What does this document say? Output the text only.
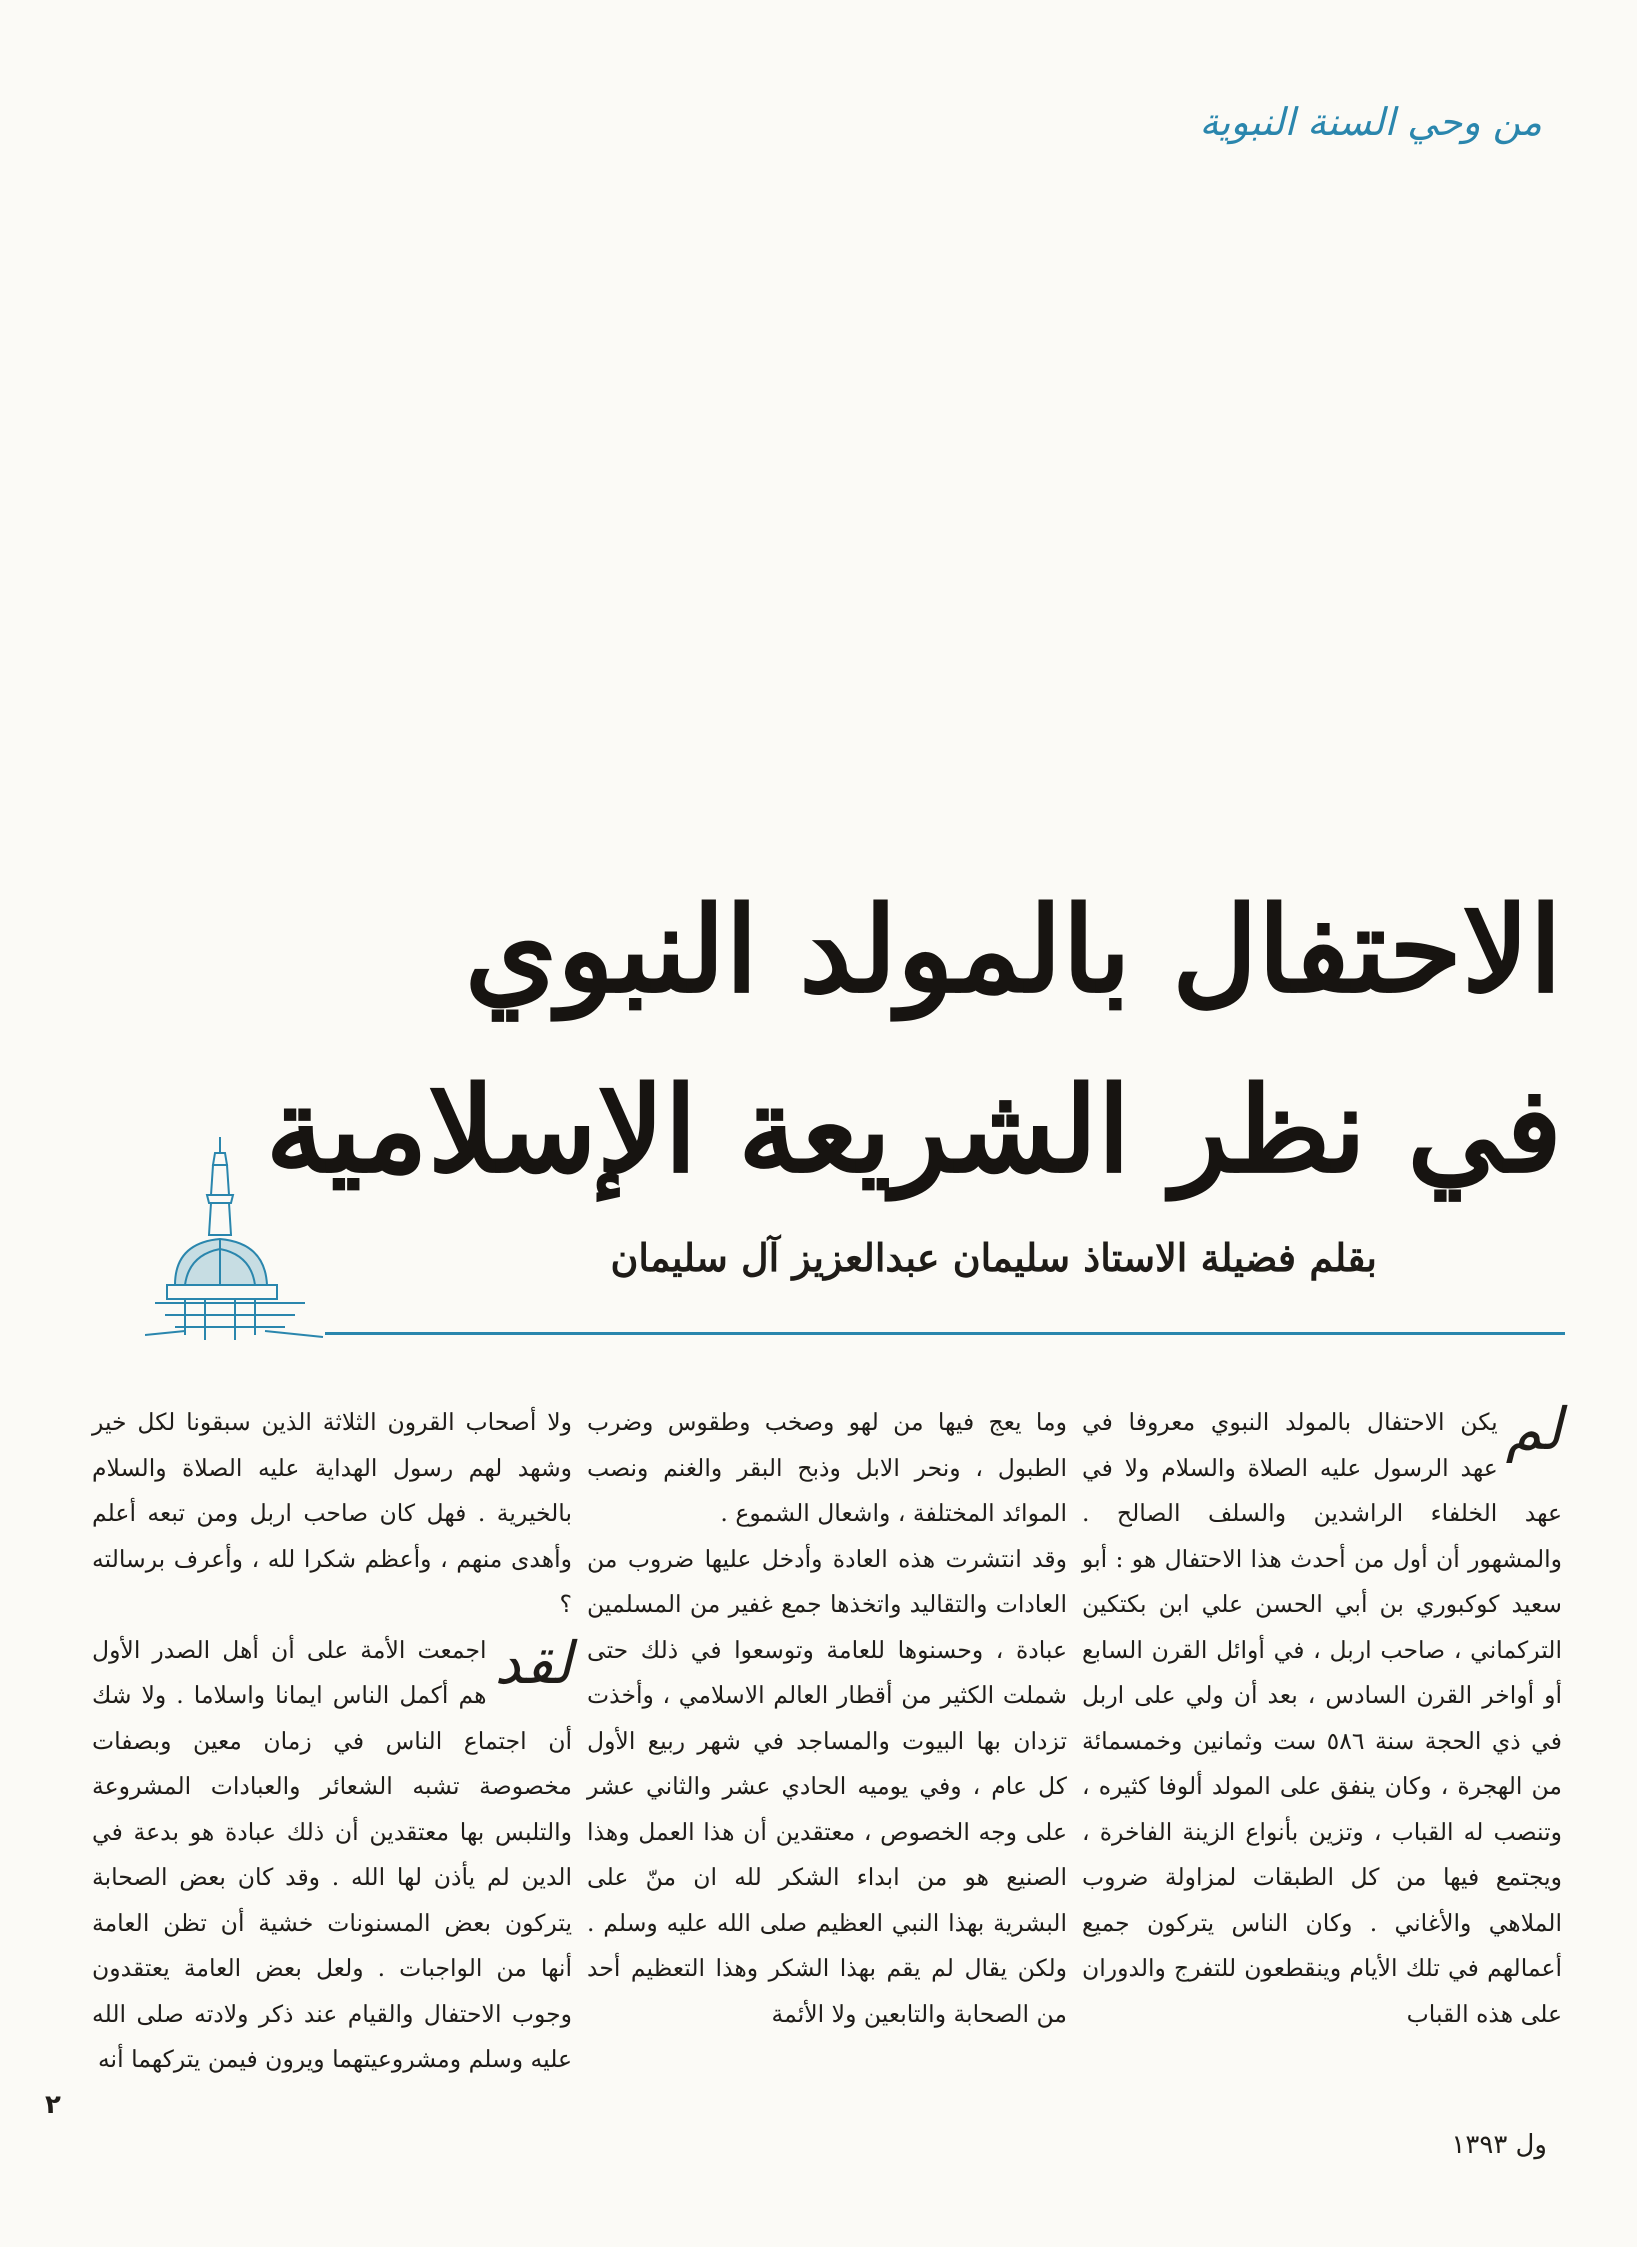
من وحي السنة النبوية
الاحتفال بالمولد النبوي
في نظر الشريعة الإسلامية
بقلم فضيلة الاستاذ سليمان عبدالعزيز آل سليمان
لم

يكن الاحتفال بالمولد النبوي معروفا في عهد الرسول عليه الصلاة والسلام ولا في عهد الخلفاء الراشدين والسلف الصالح . والمشهور أن أول من أحدث هذا الاحتفال هو : أبو سعيد كوكبوري بن أبي الحسن علي ابن بكتكين التركماني ، صاحب اربل ، في أوائل القرن السابع أو أواخر القرن السادس ، بعد أن ولي على اربل في ذي الحجة سنة ٥٨٦ ست وثمانين وخمسمائة من الهجرة ، وكان ينفق على المولد ألوفا كثيره ، وتنصب له القباب ، وتزين بأنواع الزينة الفاخرة ، ويجتمع فيها من كل الطبقات لمزاولة ضروب الملاهي والأغاني . وكان الناس يتركون جميع أعمالهم في تلك الأيام وينقطعون للتفرج والدوران على هذه القباب

وما يعج فيها من لهو وصخب وطقوس وضرب الطبول ، ونحر الابل وذبح البقر والغنم ونصب الموائد المختلفة ، واشعال الشموع .

وقد انتشرت هذه العادة وأدخل عليها ضروب من العادات والتقاليد واتخذها جمع غفير من المسلمين عبادة ، وحسنوها للعامة وتوسعوا في ذلك حتى شملت الكثير من أقطار العالم الاسلامي ، وأخذت تزدان بها البيوت والمساجد في شهر ربيع الأول كل عام ، وفي يوميه الحادي عشر والثاني عشر على وجه الخصوص ، معتقدين أن هذا العمل وهذا الصنيع هو من ابداء الشكر لله ان منّ على البشرية بهذا النبي العظيم صلى الله عليه وسلم . ولكن يقال لم يقم بهذا الشكر وهذا التعظيم أحد من الصحابة والتابعين ولا الأئمة

ولا أصحاب القرون الثلاثة الذين سبقونا لكل خير وشهد لهم رسول الهداية عليه الصلاة والسلام بالخيرية . فهل كان صاحب اربل ومن تبعه أعلم وأهدى منهم ، وأعظم شكرا لله ، وأعرف برسالته ؟

لقد
اجمعت الأمة على أن أهل الصدر الأول هم أكمل الناس ايمانا واسلاما . ولا شك أن اجتماع الناس في زمان معين وبصفات مخصوصة تشبه الشعائر والعبادات المشروعة والتلبس بها معتقدين أن ذلك عبادة هو بدعة في الدين لم يأذن لها الله . وقد كان بعض الصحابة يتركون بعض المسنونات خشية أن تظن العامة أنها من الواجبات . ولعل بعض العامة يعتقدون وجوب الاحتفال والقيام عند ذكر ولادته صلى الله عليه وسلم ومشروعيتهما ويرون فيمن يتركهما أنه

٢
ول ١٣٩٣
